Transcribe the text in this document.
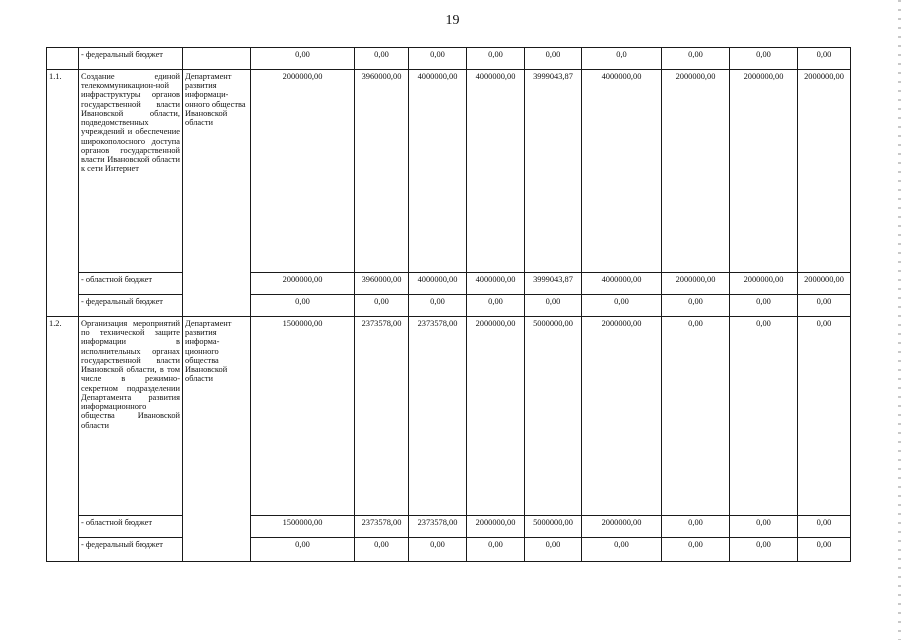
19
	- федеральный бюджет		0,00	0,00	0,00	0,00	0,00	0,0	0,00	0,00	0,00
1.1.	Создание единой телекоммуникацион-ной инфраструктуры органов государственной власти Ивановской области, подведомственных учреждений и обеспечение широкополосного доступа органов государственной власти Ивановской области к сети Интернет	Департамент развития информаци-онного общества Ивановской области	2000000,00	3960000,00	4000000,00	4000000,00	3999043,87	4000000,00	2000000,00	2000000,00	2000000,00
	- областной бюджет		2000000,00	3960000,00	4000000,00	4000000,00	3999043,87	4000000,00	2000000,00	2000000,00	2000000,00
	- федеральный бюджет		0,00	0,00	0,00	0,00	0,00	0,00	0,00	0,00	0,00
1.2.	Организация мероприятий по технической защите информации в исполнительных органах государственной власти Ивановской области, в том числе в режимно-секретном подразделении Департамента развития информационного общества Ивановской области	Департамент развития информа-ционного общества Ивановской области	1500000,00	2373578,00	2373578,00	2000000,00	5000000,00	2000000,00	0,00	0,00	0,00
	- областной бюджет		1500000,00	2373578,00	2373578,00	2000000,00	5000000,00	2000000,00	0,00	0,00	0,00
	- федеральный бюджет		0,00	0,00	0,00	0,00	0,00	0,00	0,00	0,00	0,00
